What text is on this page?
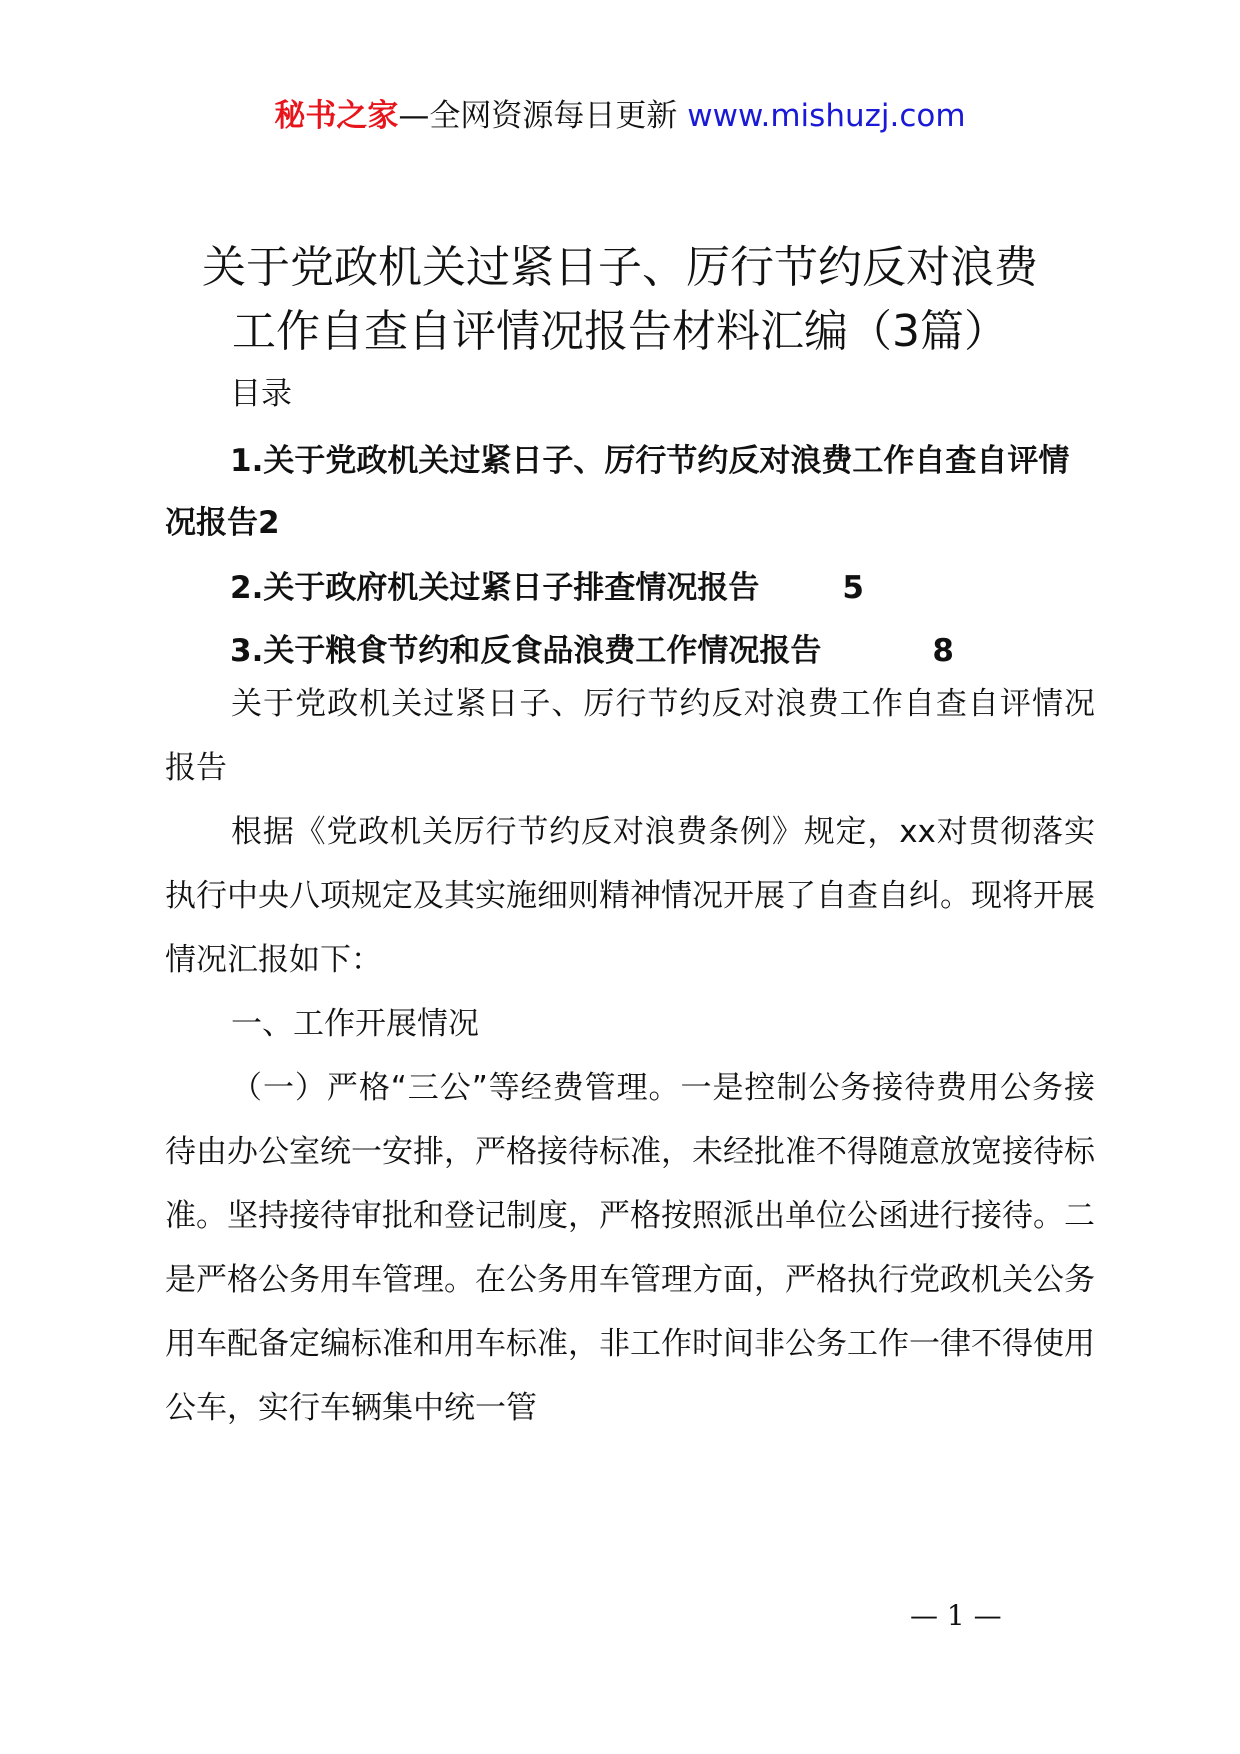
秘书之家—全网资源每日更新 www.mishuzj.com
关于党政机关过紧日子、厉行节约反对浪费
工作自查自评情况报告材料汇编（3篇）
目录

1.关于党政机关过紧日子、厉行节约反对浪费工作自查自评情况报告2

2.关于政府机关过紧日子排查情况报告	5

3.关于粮食节约和反食品浪费工作情况报告	8

关于党政机关过紧日子、厉行节约反对浪费工作自查自评情况报告

根据《党政机关厉行节约反对浪费条例》规定，xx对贯彻落实执行中央八项规定及其实施细则精神情况开展了自查自纠。现将开展情况汇报如下：

一、工作开展情况

（一）严格“三公”等经费管理。一是控制公务接待费用公务接待由办公室统一安排，严格接待标准，未经批准不得随意放宽接待标准。坚持接待审批和登记制度，严格按照派出单位公函进行接待。二是严格公务用车管理。在公务用车管理方面，严格执行党政机关公务用车配备定编标准和用车标准，非工作时间非公务工作一律不得使用公车，实行车辆集中统一管

— 1 —
